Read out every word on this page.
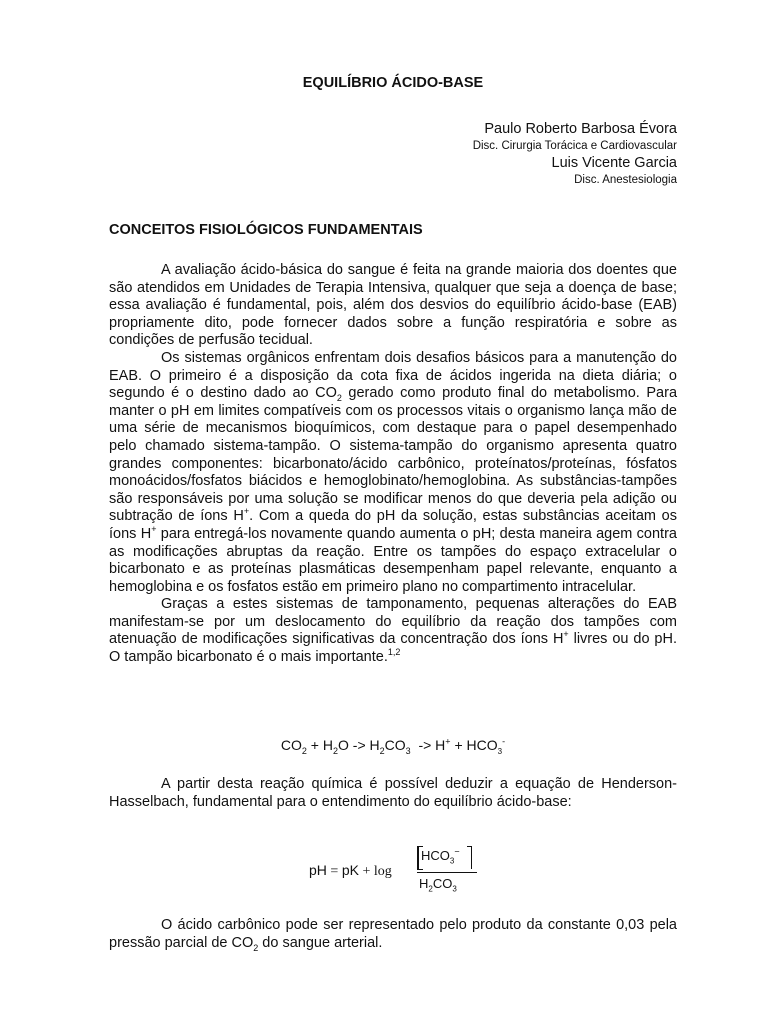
EQUILÍBRIO ÁCIDO-BASE
Paulo Roberto Barbosa Évora
Disc. Cirurgia Torácica e Cardiovascular
Luis Vicente Garcia
Disc. Anestesiologia
CONCEITOS FISIOLÓGICOS FUNDAMENTAIS

A avaliação ácido-básica do sangue é feita na grande maioria dos doentes que são atendidos em Unidades de Terapia Intensiva, qualquer que seja a doença de base; essa avaliação é fundamental, pois, além dos desvios do equilíbrio ácido-base (EAB) propriamente dito, pode fornecer dados sobre a função respiratória e sobre as condições de perfusão tecidual.

Os sistemas orgânicos enfrentam dois desafios básicos para a manutenção do EAB. O primeiro é a disposição da cota fixa de ácidos ingerida na dieta diária; o segundo é o destino dado ao $CO_2$ gerado como produto final do metabolismo. Para manter o pH em limites compatíveis com os processos vitais o organismo lança mão de uma série de mecanismos bioquímicos, com destaque para o papel desempenhado pelo chamado sistema-tampão. O sistema-tampão do organismo apresenta quatro grandes componentes: bicarbonato/ácido carbônico, proteínatos/proteínas, fósfatos monoácidos/fosfatos biácidos e hemoglobinato/hemoglobina. As substâncias-tampões são responsáveis por uma solução se modificar menos do que deveria pela adição ou subtração de íons H+. Com a queda do pH da solução, estas substâncias aceitam os íons H+ para entregá-los novamente quando aumenta o pH; desta maneira agem contra as modificações abruptas da reação. Entre os tampões do espaço extracelular o bicarbonato e as proteínas plasmáticas desempenham papel relevante, enquanto a hemoglobina e os fosfatos estão em primeiro plano no compartimento intracelular.

Graças a estes sistemas de tamponamento, pequenas alterações do EAB manifestam-se por um deslocamento do equilíbrio da reação dos tampões com atenuação de modificações significativas da concentração dos íons H+ livres ou do pH. O tampão bicarbonato é o mais importante.$^{1,2}$

$CO_2 + H_2O -> H_2CO_3 -> H^+ + HCO_3^-$

A partir desta reação química é possível deduzir a equação de Henderson-Hasselbach, fundamental para o entendimento do equilíbrio ácido-base:

pH = pK + log
$HCO_3^-$
$H_2CO_3$

O ácido carbônico pode ser representado pelo produto da constante 0,03 pela pressão parcial de $CO_2$ do sangue arterial.
